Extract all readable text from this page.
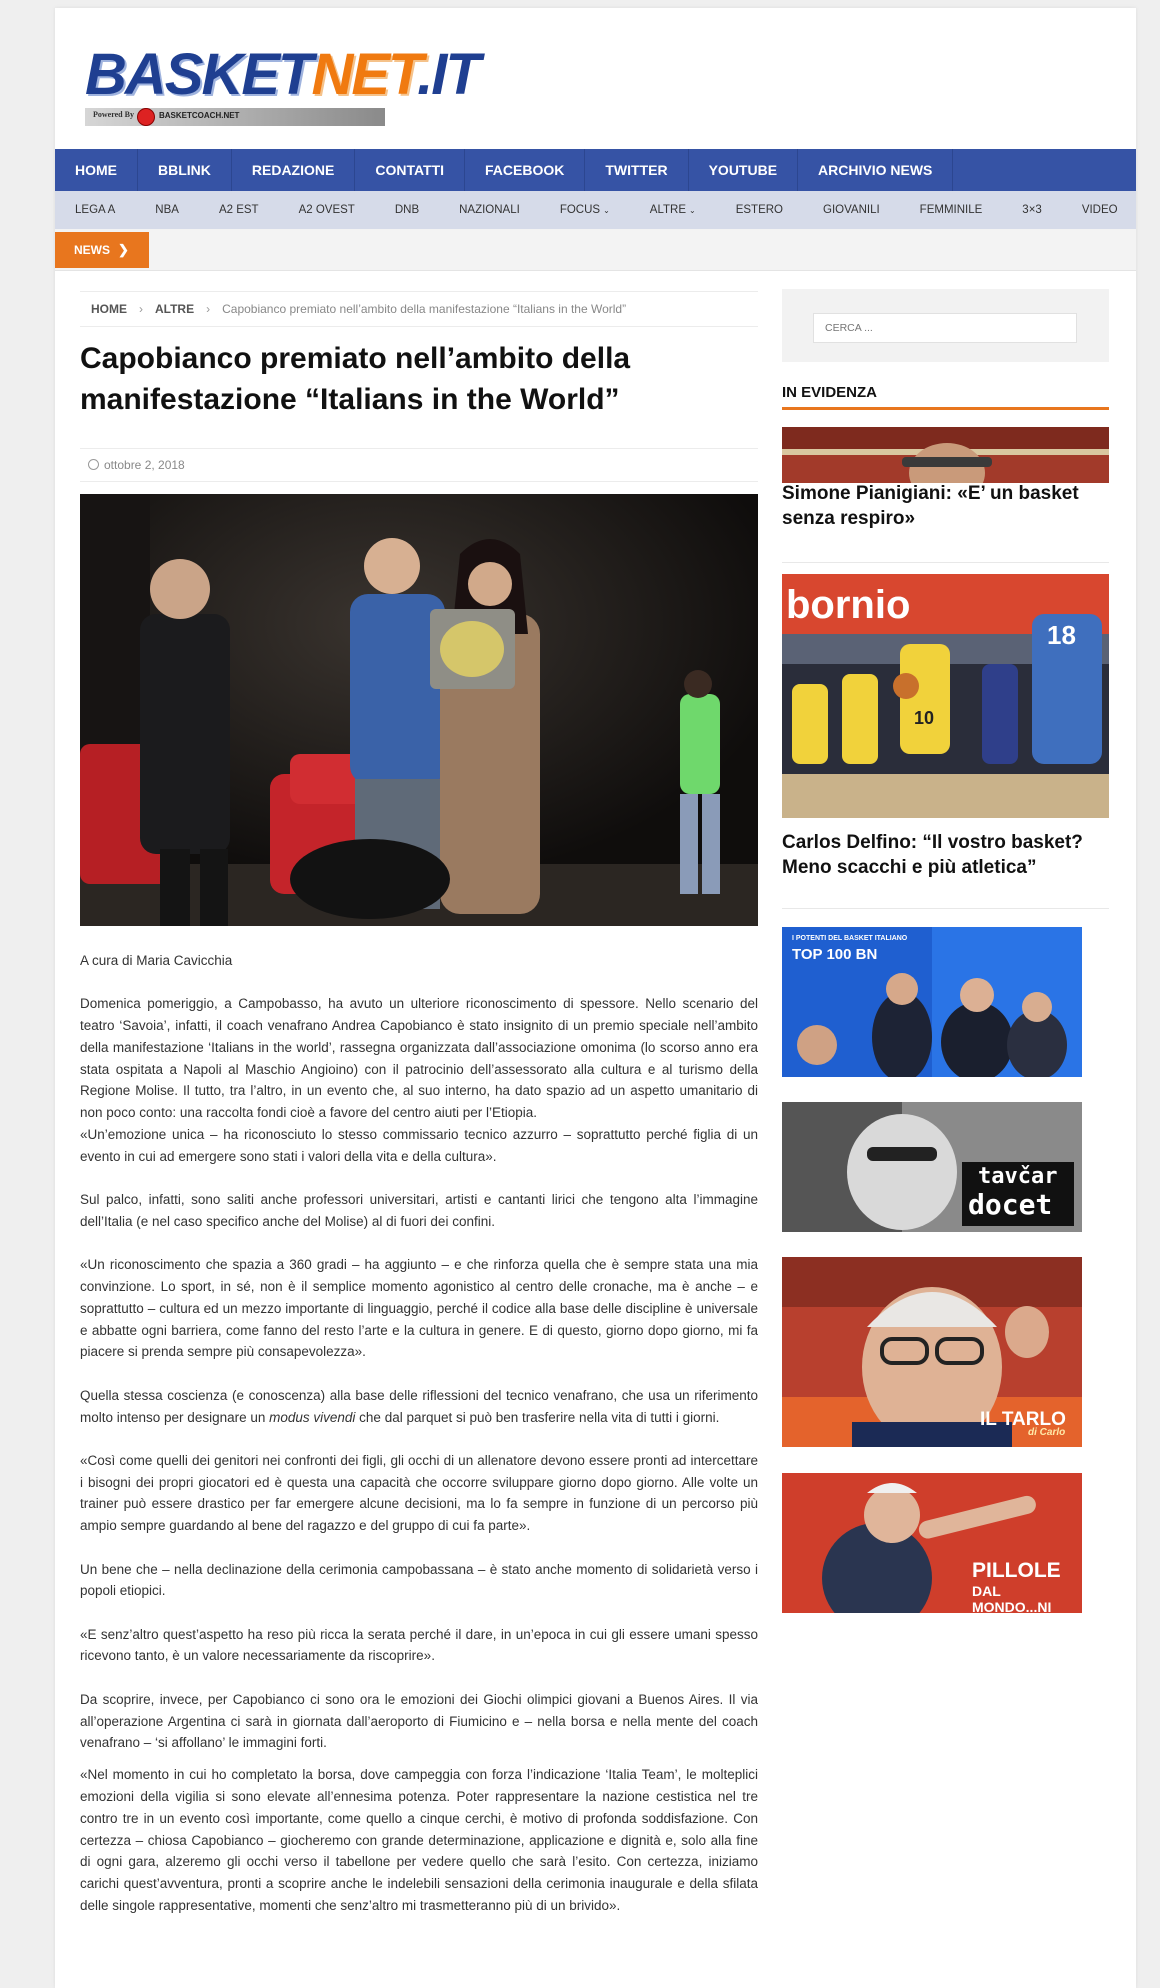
BASKETNET.IT
Powered By	BASKETCOACH.NET
HOME	BBLINK	REDAZIONE	CONTATTI	FACEBOOK	TWITTER	YOUTUBE	ARCHIVIO NEWS
LEGA A	NBA	A2 EST	A2 OVEST	DNB	NAZIONALI	FOCUS ⌄	ALTRE ⌄	ESTERO	GIOVANILI	FEMMINILE	3×3	VIDEO
NEWS ❯
HOME › ALTRE › Capobianco premiato nell’ambito della manifestazione “Italians in the World”
Capobianco premiato nell’ambito della manifestazione “Italians in the World”
ottobre 2, 2018

A cura di Maria Cavicchia

Domenica pomeriggio, a Campobasso, ha avuto un ulteriore riconoscimento di spessore. Nello scenario del teatro ‘Savoia’, infatti, il coach venafrano Andrea Capobianco è stato insignito di un premio speciale nell’ambito della manifestazione ‘Italians in the world’, rassegna organizzata dall’associazione omonima (lo scorso anno era stata ospitata a Napoli al Maschio Angioino) con il patrocinio dell’assessorato alla cultura e al turismo della Regione Molise. Il tutto, tra l’altro, in un evento che, al suo interno, ha dato spazio ad un aspetto umanitario di non poco conto: una raccolta fondi cioè a favore del centro aiuti per l’Etiopia.

«Un’emozione unica – ha riconosciuto lo stesso commissario tecnico azzurro – soprattutto perché figlia di un evento in cui ad emergere sono stati i valori della vita e della cultura».

Sul palco, infatti, sono saliti anche professori universitari, artisti e cantanti lirici che tengono alta l’immagine dell’Italia (e nel caso specifico anche del Molise) al di fuori dei confini.

«Un riconoscimento che spazia a 360 gradi – ha aggiunto – e che rinforza quella che è sempre stata una mia convinzione. Lo sport, in sé, non è il semplice momento agonistico al centro delle cronache, ma è anche – e soprattutto – cultura ed un mezzo importante di linguaggio, perché il codice alla base delle discipline è universale e abbatte ogni barriera, come fanno del resto l’arte e la cultura in genere. E di questo, giorno dopo giorno, mi fa piacere si prenda sempre più consapevolezza».

Quella stessa coscienza (e conoscenza) alla base delle riflessioni del tecnico venafrano, che usa un riferimento molto intenso per designare un modus vivendi che dal parquet si può ben trasferire nella vita di tutti i giorni.

«Così come quelli dei genitori nei confronti dei figli, gli occhi di un allenatore devono essere pronti ad intercettare i bisogni dei propri giocatori ed è questa una capacità che occorre sviluppare giorno dopo giorno. Alle volte un trainer può essere drastico per far emergere alcune decisioni, ma lo fa sempre in funzione di un percorso più ampio sempre guardando al bene del ragazzo e del gruppo di cui fa parte».

Un bene che – nella declinazione della cerimonia campobassana – è stato anche momento di solidarietà verso i popoli etiopici.

«E senz’altro quest’aspetto ha reso più ricca la serata perché il dare, in un’epoca in cui gli essere umani spesso ricevono tanto, è un valore necessariamente da riscoprire».

Da scoprire, invece, per Capobianco ci sono ora le emozioni dei Giochi olimpici giovani a Buenos Aires. Il via all’operazione Argentina ci sarà in giornata dall’aeroporto di Fiumicino e – nella borsa e nella mente del coach venafrano – ‘si affollano’ le immagini forti.

«Nel momento in cui ho completato la borsa, dove campeggia con forza l’indicazione ‘Italia Team’, le molteplici emozioni della vigilia si sono elevate all’ennesima potenza. Poter rappresentare la nazione cestistica nel tre contro tre in un evento così importante, come quello a cinque cerchi, è motivo di profonda soddisfazione. Con certezza – chiosa Capobianco – giocheremo con grande determinazione, applicazione e dignità e, solo alla fine di ogni gara, alzeremo gli occhi verso il tabellone per vedere quello che sarà l’esito. Con certezza, iniziamo carichi quest’avventura, pronti a scoprire anche le indelebili sensazioni della cerimonia inaugurale e della sfilata delle singole rappresentative, momenti che senz’altro mi trasmetteranno più di un brivido».

CERCA ...
IN EVIDENZA
Simone Pianigiani: «E’ un basket senza respiro»
bornio
10
18
Carlos Delfino: “Il vostro basket? Meno scacchi e più atletica”
I POTENTI DEL BASKET ITALIANO
TOP 100 BN
tavčar
docet
IL TARLO
di Carlo
PILLOLE
DAL MONDO...NI
